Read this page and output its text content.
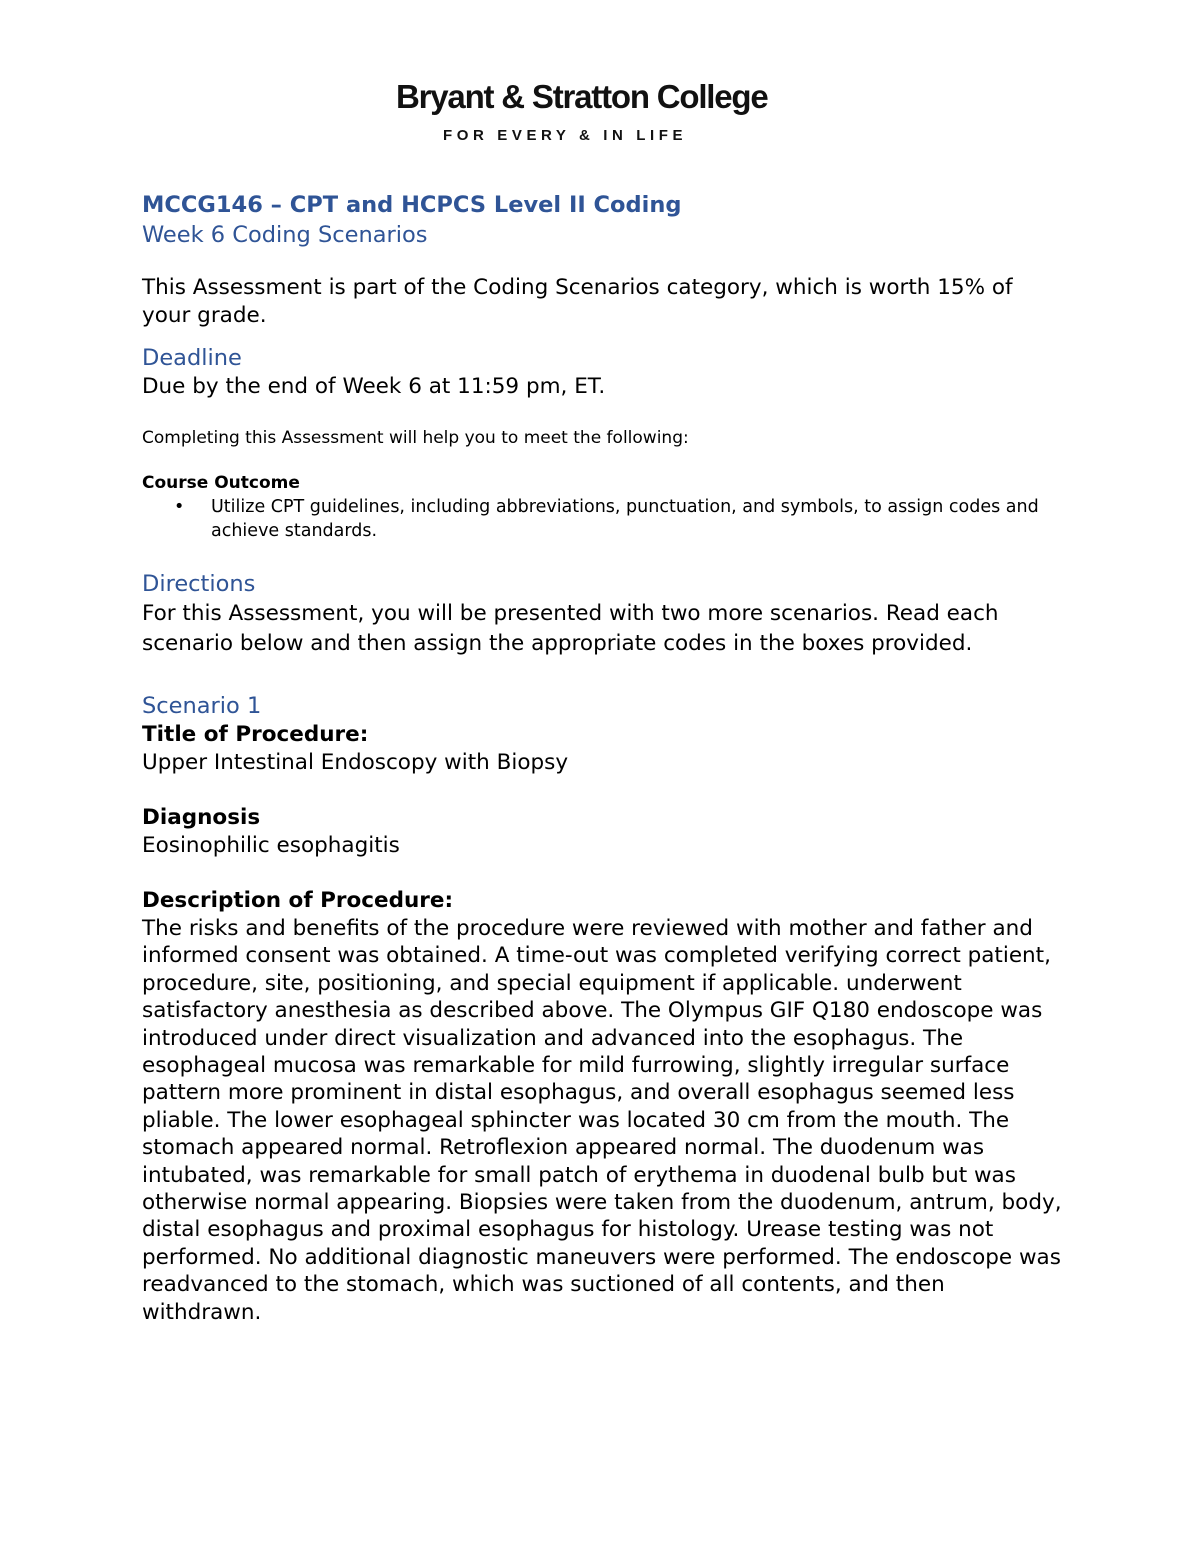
Bryant & Stratton College
FOR EVERY & IN LIFE

MCCG146 – CPT and HCPCS Level II Coding

Week 6 Coding Scenarios

This Assessment is part of the Coding Scenarios category, which is worth 15% of your grade.

Deadline

Due by the end of Week 6 at 11:59 pm, ET.

Completing this Assessment will help you to meet the following:

Course Outcome

• Utilize CPT guidelines, including abbreviations, punctuation, and symbols, to assign codes and achieve standards.

Directions

For this Assessment, you will be presented with two more scenarios. Read each scenario below and then assign the appropriate codes in the boxes provided.

Scenario 1

Title of Procedure:

Upper Intestinal Endoscopy with Biopsy

Diagnosis

Eosinophilic esophagitis

Description of Procedure:

The risks and benefits of the procedure were reviewed with mother and father and informed consent was obtained. A time-out was completed verifying correct patient, procedure, site, positioning, and special equipment if applicable. underwent satisfactory anesthesia as described above. The Olympus GIF Q180 endoscope was introduced under direct visualization and advanced into the esophagus. The esophageal mucosa was remarkable for mild furrowing, slightly irregular surface pattern more prominent in distal esophagus, and overall esophagus seemed less pliable. The lower esophageal sphincter was located 30 cm from the mouth. The stomach appeared normal. Retroflexion appeared normal. The duodenum was intubated, was remarkable for small patch of erythema in duodenal bulb but was otherwise normal appearing. Biopsies were taken from the duodenum, antrum, body, distal esophagus and proximal esophagus for histology. Urease testing was not performed. No additional diagnostic maneuvers were performed. The endoscope was readvanced to the stomach, which was suctioned of all contents, and then withdrawn.
